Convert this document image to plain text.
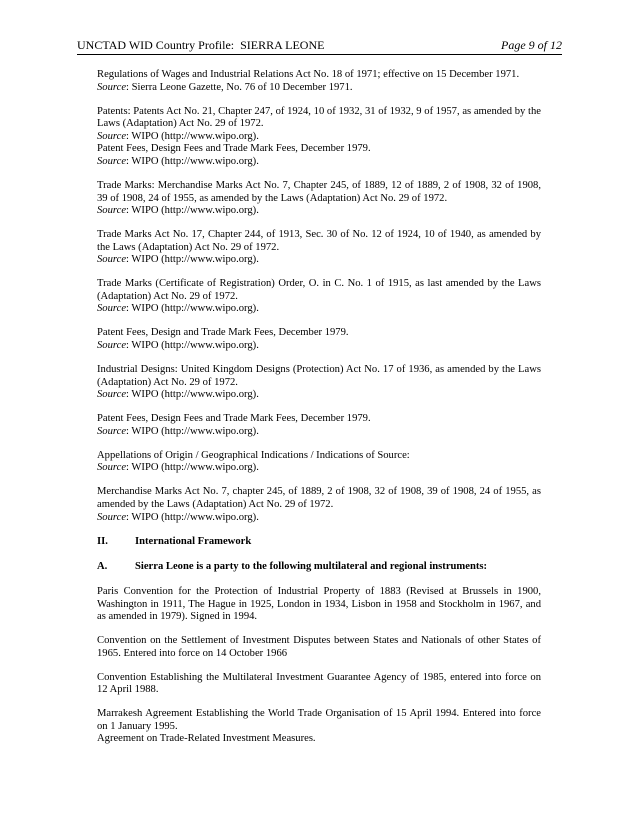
UNCTAD WID Country Profile:  SIERRA LEONE	Page 9 of 12
Regulations of Wages and Industrial Relations Act No. 18 of 1971; effective on 15 December 1971.
Source: Sierra Leone Gazette, No. 76 of 10 December 1971.
Patents: Patents Act No. 21, Chapter 247, of 1924, 10 of 1932, 31 of 1932, 9 of 1957, as amended by the Laws (Adaptation) Act No. 29 of 1972.
Source: WIPO (http://www.wipo.org).
Patent Fees, Design Fees and Trade Mark Fees, December 1979.
Source: WIPO (http://www.wipo.org).
Trade Marks: Merchandise Marks Act No. 7, Chapter 245, of 1889, 12 of 1889, 2 of 1908, 32 of 1908, 39 of 1908, 24 of 1955, as amended by the Laws (Adaptation) Act No. 29 of 1972.
Source: WIPO (http://www.wipo.org).
Trade Marks Act No. 17, Chapter 244, of 1913, Sec. 30 of No. 12 of 1924, 10 of 1940, as amended by the Laws (Adaptation) Act No. 29 of 1972.
Source: WIPO (http://www.wipo.org).
Trade Marks (Certificate of Registration) Order, O. in C. No. 1 of 1915, as last amended by the Laws (Adaptation) Act No. 29 of 1972.
Source: WIPO (http://www.wipo.org).
Patent Fees, Design and Trade Mark Fees, December 1979.
Source: WIPO (http://www.wipo.org).
Industrial Designs: United Kingdom Designs (Protection) Act No. 17 of 1936, as amended by the Laws (Adaptation) Act No. 29 of 1972.
Source: WIPO (http://www.wipo.org).
Patent Fees, Design Fees and Trade Mark Fees, December 1979.
Source: WIPO (http://www.wipo.org).
Appellations of Origin / Geographical Indications / Indications of Source:
Source: WIPO (http://www.wipo.org).
Merchandise Marks Act No. 7, chapter 245, of 1889, 2 of 1908, 32 of 1908, 39 of 1908, 24 of 1955, as amended by the Laws (Adaptation) Act No. 29 of 1972.
Source: WIPO (http://www.wipo.org).
II.	International Framework
A.	Sierra Leone is a party to the following multilateral and regional instruments:
Paris Convention for the Protection of Industrial Property of 1883 (Revised at Brussels in 1900, Washington in 1911, The Hague in 1925, London in 1934, Lisbon in 1958 and Stockholm in 1967, and as amended in 1979). Signed in 1994.
Convention on the Settlement of Investment Disputes between States and Nationals of other States of 1965. Entered into force on 14 October 1966
Convention Establishing the Multilateral Investment Guarantee Agency of 1985, entered into force on 12 April 1988.
Marrakesh Agreement Establishing the World Trade Organisation of 15 April 1994. Entered into force on 1 January 1995.
Agreement on Trade-Related Investment Measures.
